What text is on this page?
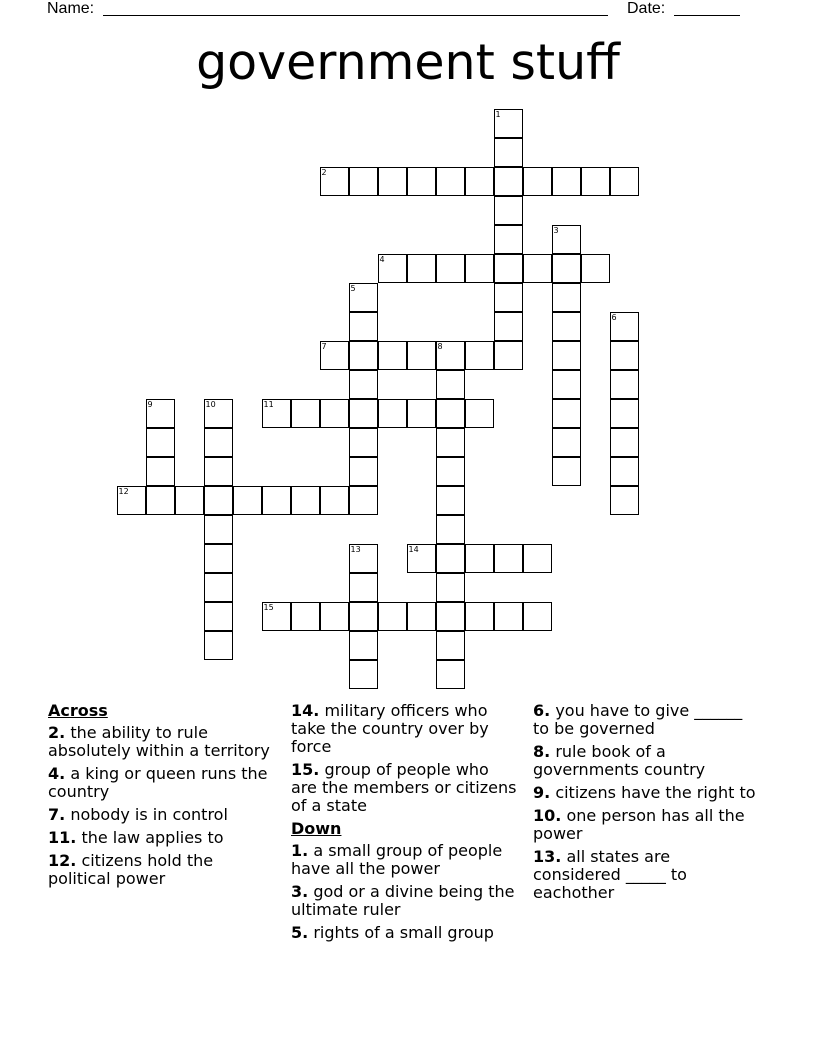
Name:	Date:
government stuff
1
2
3
4
5
6
7	8
9	10	11
12
13	14
15
Across
2. the ability to rule absolutely within a territory
4. a king or queen runs the country
7. nobody is in control
11. the law applies to
12. citizens hold the political power
14. military officers who take the country over by force
15. group of people who are the members or citizens of a state
Down
1. a small group of people have all the power
3. god or a divine being the ultimate ruler
5. rights of a small group
6. you have to give ______ to be governed
8. rule book of a governments country
9. citizens have the right to
10. one person has all the power
13. all states are considered _____ to eachother
